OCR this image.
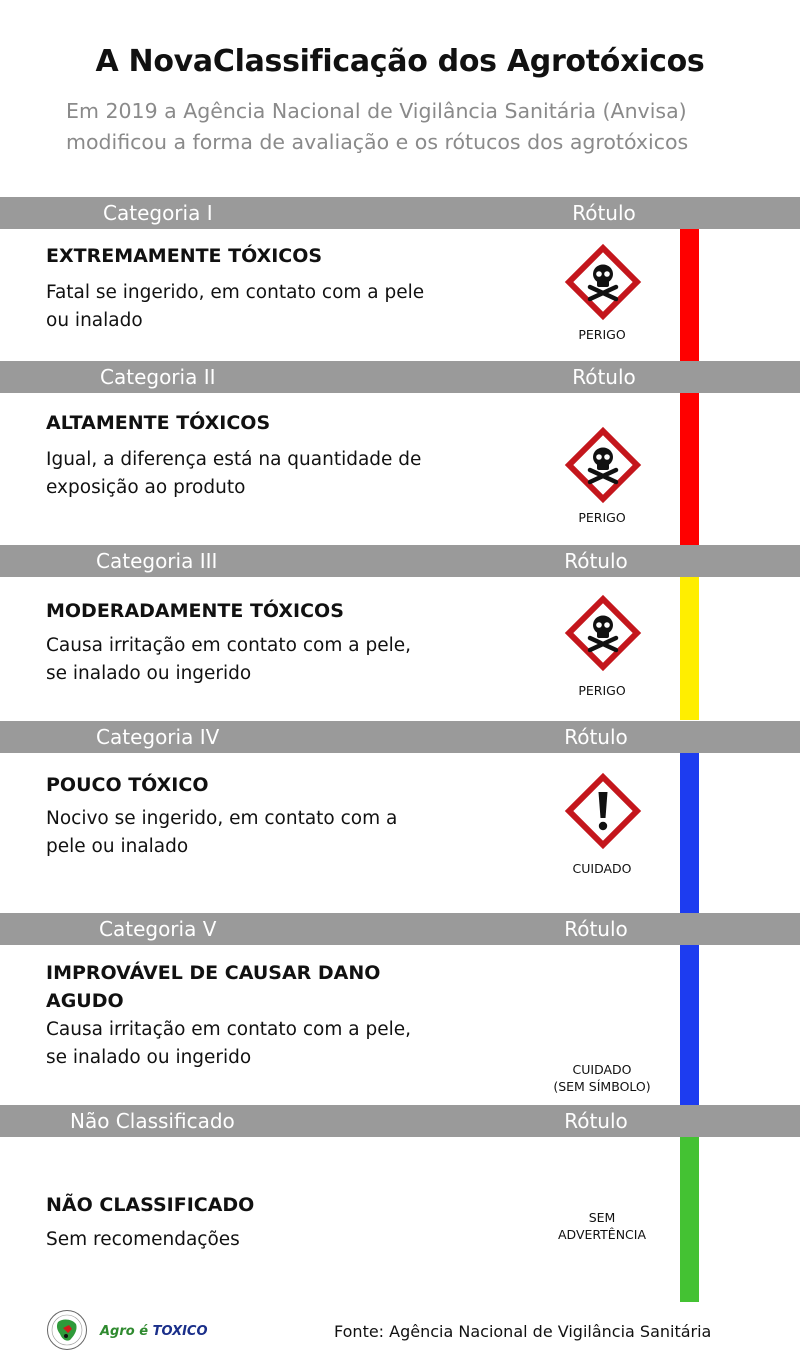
A NovaClassificação dos Agrotóxicos
Em 2019 a Agência Nacional de Vigilância Sanitária (Anvisa)
modificou a forma de avaliação e os rótucos dos agrotóxicos
Categoria I	Rótulo
EXTREMAMENTE TÓXICOS
Fatal se ingerido, em contato com a pele
ou inalado
PERIGO
Categoria II	Rótulo
ALTAMENTE TÓXICOS
Igual, a diferença está na quantidade de
exposição ao produto
PERIGO
Categoria III	Rótulo
MODERADAMENTE TÓXICOS
Causa irritação em contato com a pele,
se inalado ou ingerido
PERIGO
Categoria IV	Rótulo
POUCO TÓXICO
Nocivo se ingerido, em contato com a
pele ou inalado
CUIDADO
Categoria V	Rótulo
IMPROVÁVEL DE CAUSAR DANO
AGUDO
Causa irritação em contato com a pele,
se inalado ou ingerido
CUIDADO
(SEM SÍMBOLO)
Não Classificado	Rótulo
NÃO CLASSIFICADO
Sem recomendações
SEM
ADVERTÊNCIA
Agro é TOXICO	Fonte: Agência Nacional de Vigilância Sanitária
